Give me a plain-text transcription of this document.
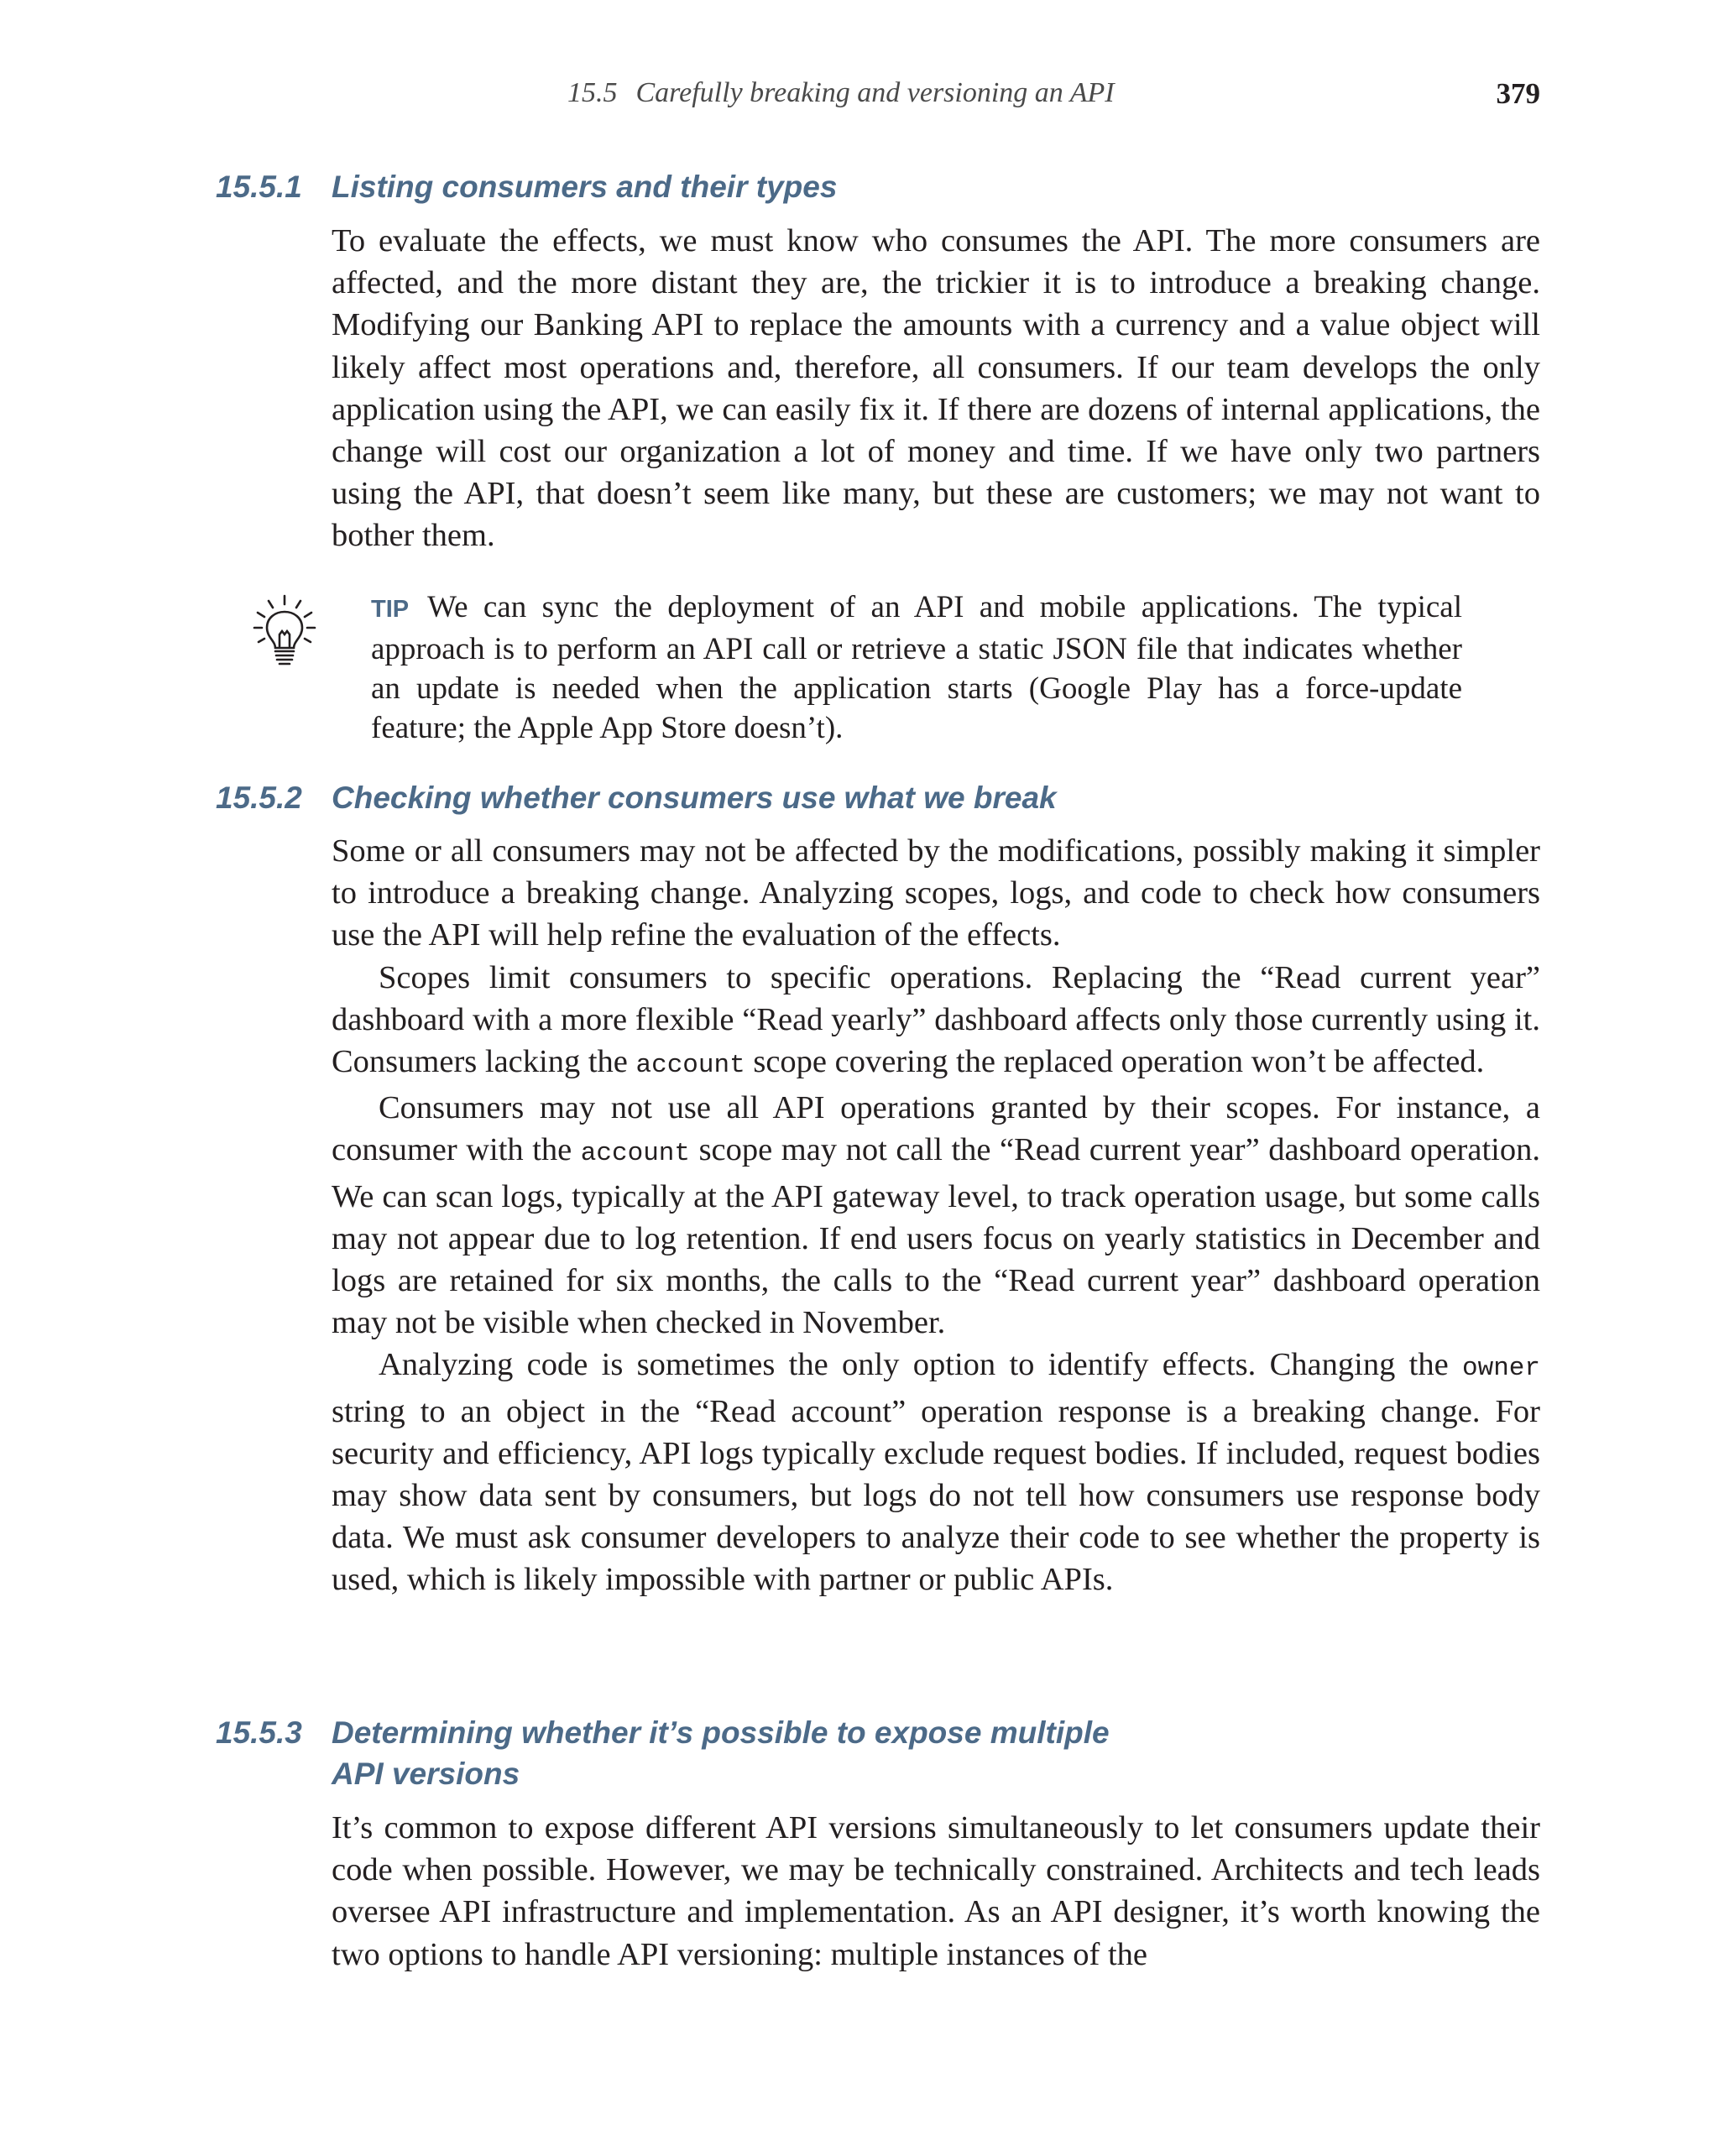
15.5 Carefully breaking and versioning an API	379
15.5.1 Listing consumers and their types

To evaluate the effects, we must know who consumes the API. The more consumers are affected, and the more distant they are, the trickier it is to introduce a breaking change. Modifying our Banking API to replace the amounts with a currency and a value object will likely affect most operations and, therefore, all consumers. If our team develops the only application using the API, we can easily fix it. If there are dozens of internal applications, the change will cost our organization a lot of money and time. If we have only two partners using the API, that doesn’t seem like many, but these are customers; we may not want to bother them.

TIP We can sync the deployment of an API and mobile applications. The typical approach is to perform an API call or retrieve a static JSON file that indicates whether an update is needed when the application starts (Google Play has a force-update feature; the Apple App Store doesn’t).
15.5.2 Checking whether consumers use what we break

Some or all consumers may not be affected by the modifications, possibly making it simpler to introduce a breaking change. Analyzing scopes, logs, and code to check how consumers use the API will help refine the evaluation of the effects.

Scopes limit consumers to specific operations. Replacing the “Read current year” dashboard with a more flexible “Read yearly” dashboard affects only those currently using it. Consumers lacking the account scope covering the replaced operation won’t be affected.

Consumers may not use all API operations granted by their scopes. For instance, a consumer with the account scope may not call the “Read current year” dashboard operation. We can scan logs, typically at the API gateway level, to track operation usage, but some calls may not appear due to log retention. If end users focus on yearly statistics in December and logs are retained for six months, the calls to the “Read current year” dashboard operation may not be visible when checked in November.

Analyzing code is sometimes the only option to identify effects. Changing the owner string to an object in the “Read account” operation response is a breaking change. For security and efficiency, API logs typically exclude request bodies. If included, request bodies may show data sent by consumers, but logs do not tell how consumers use response body data. We must ask consumer developers to analyze their code to see whether the property is used, which is likely impossible with partner or public APIs.

15.5.3 Determining whether it’s possible to expose multiple
API versions

It’s common to expose different API versions simultaneously to let consumers update their code when possible. However, we may be technically constrained. Architects and tech leads oversee API infrastructure and implementation. As an API designer, it’s worth knowing the two options to handle API versioning: multiple instances of the
